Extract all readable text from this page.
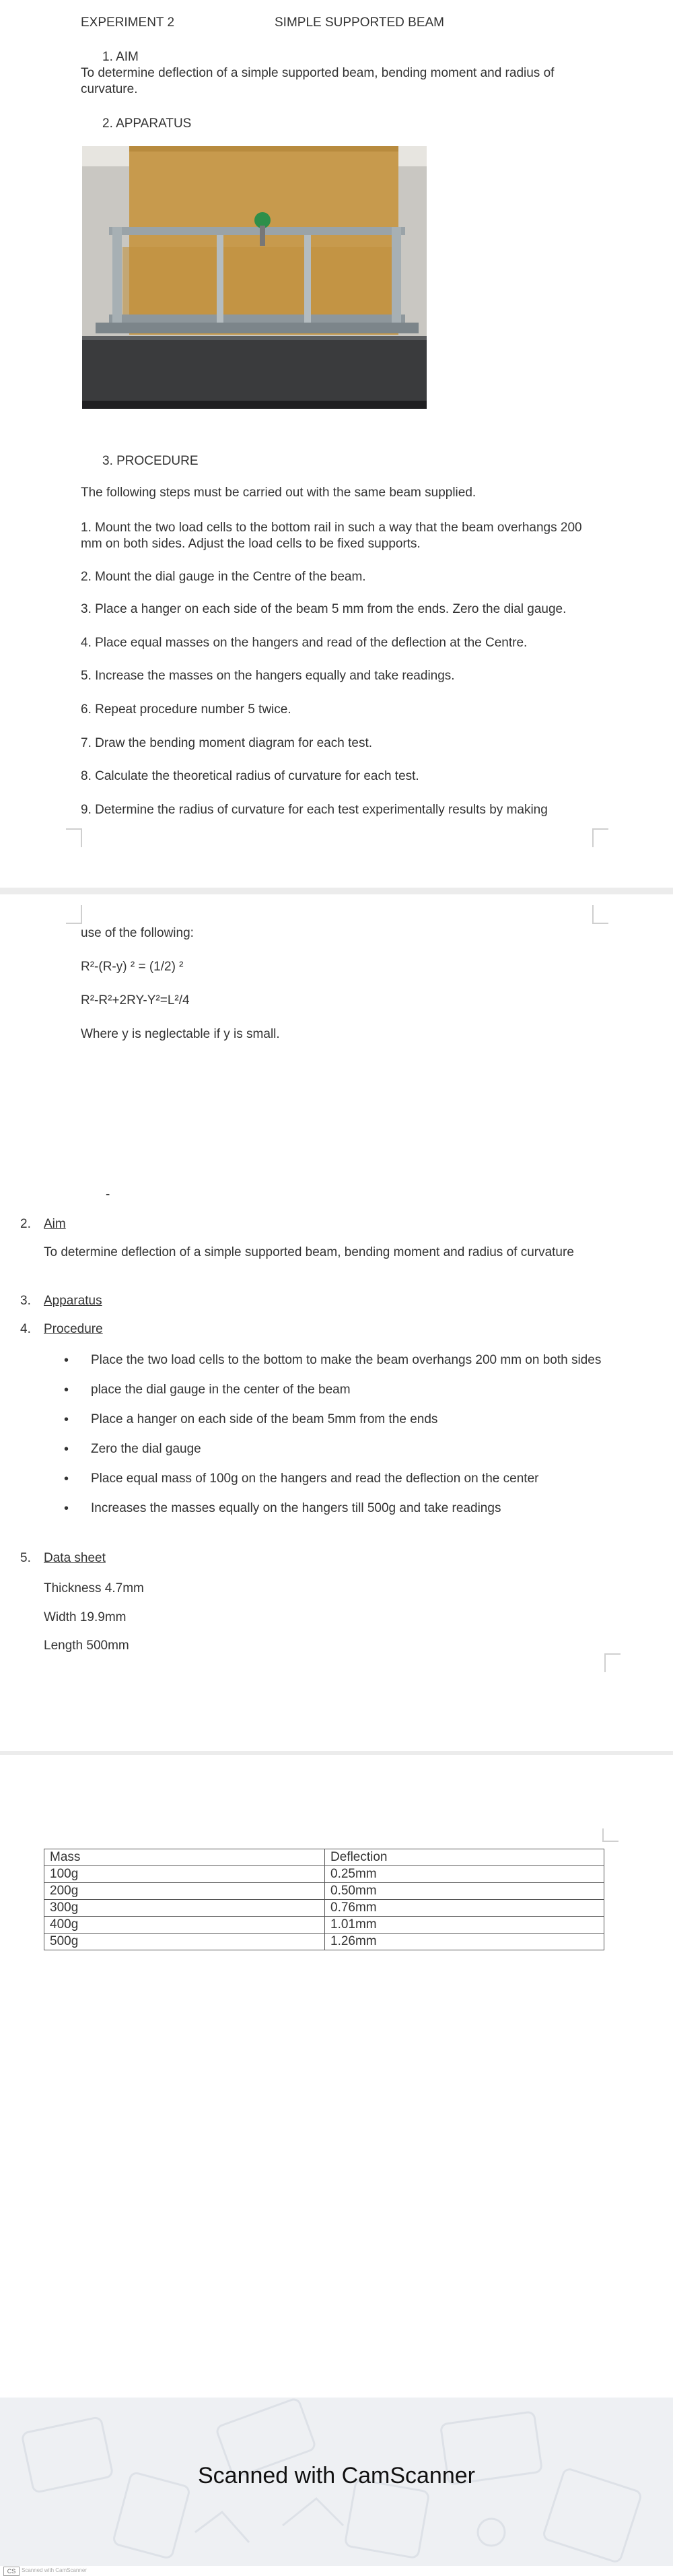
EXPERIMENT 2	SIMPLE SUPPORTED BEAM
1. AIM
To determine deflection of a simple supported beam, bending moment and radius of curvature.
2. APPARATUS
3. PROCEDURE
The following steps must be carried out with the same beam supplied.
1. Mount the two load cells to the bottom rail in such a way that the beam overhangs 200 mm on both sides. Adjust the load cells to be fixed supports.
2. Mount the dial gauge in the Centre of the beam.
3. Place a hanger on each side of the beam 5 mm from the ends. Zero the dial gauge.
4. Place equal masses on the hangers and read of the deflection at the Centre.
5. Increase the masses on the hangers equally and take readings.
6. Repeat procedure number 5 twice.
7. Draw the bending moment diagram for each test.
8. Calculate the theoretical radius of curvature for each test.
9. Determine the radius of curvature for each test experimentally results by making
use of the following:
R²-(R-y) ² = (1/2) ²
R²-R²+2RY-Y²=L²/4
Where y is neglectable if y is small.
-
2. Aim
To determine deflection of a simple supported beam, bending moment and radius of curvature
3. Apparatus
4. Procedure
• Place the two load cells to the bottom to make the beam overhangs 200 mm on both sides
• place the dial gauge in the center of the beam
• Place a hanger on each side of the beam 5mm from the ends
• Zero the dial gauge
• Place equal mass of 100g on the hangers and read the deflection on the center
• Increases the masses equally on the hangers till 500g and take readings
5. Data sheet
Thickness 4.7mm
Width 19.9mm
Length 500mm
Mass	Deflection
100g	0.25mm
200g	0.50mm
300g	0.76mm
400g	1.01mm
500g	1.26mm
Scanned with CamScanner
CS	Scanned with CamScanner
